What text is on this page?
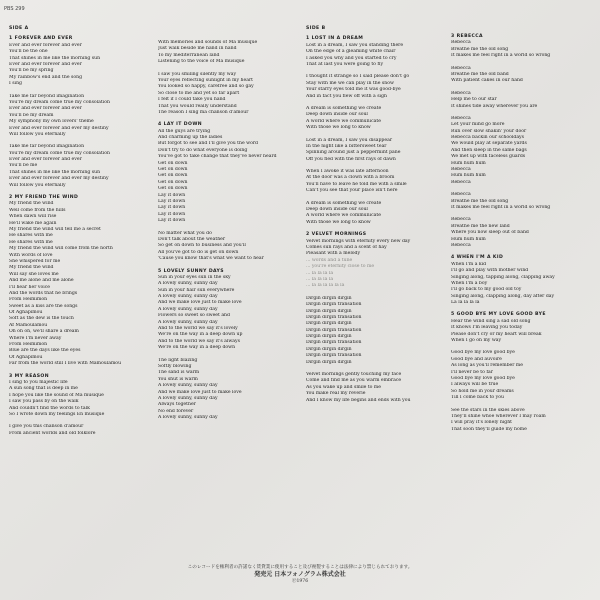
PBS 299
SIDE A
1 FOREVER AND EVER
Ever and ever forever and ever
You'll be the one
That shines in me like the morning sun
Ever and ever forever and ever
You'll be my spring
My rainbow's end and the song
I sing
Take me far beyond imagination
You're my dream come true my consolation
Ever and ever forever and ever
You'll be my dream
My symphony my own lovers' theme
Ever and ever forever and ever my destiny
Will follow you eternally
Take me far beyond imagination
You're my dream come true my consolation
Ever and ever forever and ever
You'll be me
That shines in me like the morning sun
Ever and ever forever and ever my destiny
Will follow you eternally
2 MY FRIEND THE WIND
My friend the wind
Well come from the hills
When dawn will rise
He'll wake me again
My friend the wind will tell me a secret
He shares with me
He shares with me
My friend the wind will come from the north
With words of love
She whispered for me
My friend the wind
Will say she loves me
And me alone and me alone
I'll hear her voice
And the words that he brings
From Heimimon
Sweet as a kiss are the songs
Of Aghapimou
Soft as the dew is the touch
Af Mamoulamou
Oh oh oh, we'll share a dream
Where I'm never away
From Heimimon
Blue are the days like the eyes
Of Aghapimou
Far from the world still I live with Mamoulamou
3 MY REASON
I sing to you majestic life
A sun song that is deep in me
I hope you like the sound of Ma musique
I saw you pass by on the walk
And couldn't find the words to talk
So I wrote down my feelings En musique
I give you this chanson d'amour
From ancient worlds and old folklore
With memories and sounds of Ma musique
Just walk beside me hand in hand
To my mediterranean land
Listening to the voice of Ma musique
I saw you smiling silently my way
Your eyes reflecting sunlight in my heart
You looked so happy, carefree and so gay
So close to me and yet so far apart
I felt if I could take you hand
That you would really understand
The reason I sing ma chanson d'amour
4 LAY IT DOWN
All the guys are trying
And charming up the ladies
But forgot to see and I'll give you the word
Don't try to do what everyone is doing
You've got to take change that they've never heard
Get on down
Get on down
Get on down
Get on down
Get on down
Lay it down
Lay it down
Lay it down
Lay it down
Lay it down
No matter what you do
Don't talk about the weather
So get on down to business and you'll
All you've got to do is get on down
'Cause you know that's what we want to hear
5 LOVELY SUNNY DAYS
Sun in your eyes sun in the sky
A lovely sunny, sunny day
Sun in your hair sun everywhere
A lovely sunny, sunny day
And we make love just to make love
A lovely sunny, sunny day
Flowers so sweet so sweet and
A lovely sunny, sunny day
And to the world we say it's lovely
We're on the way in a deep down up
And to the world we say it's always
We're on the way in a deep down
The light blazing
Softly blowing
The sand is warm
You shut is warm
A lovely sunny, sunny day
And we make love just to make love
A lovely sunny, sunny day
Always together
No end forever
A lovely sunny, sunny day
SIDE B
1 LOST IN A DREAM
Lost in a dream, I saw you standing there
On the edge of a gleaming white chair
I asked you why and you started to cry
That at last you were going to fly
I thought it strange so I said please don't go
Stay with me we can play in the snow
Your starry eyes told me it was good-bye
And in fact you flew off with a sigh
A dream is something we create
Deep down inside our soul
A world where we communicate
With those we long to know
Lost in a dream, I saw you disappear
In the night like a bittersweet tear
Spinning around just a peppermint pane
Off you fled with the first rays of dawn
When I awoke it was late afternoon
At the door was a clown with a broom
You'll have to leave he told me with a smile
Can't you see that your place isn't here
A dream is something we create
Deep down inside our soul
A world where we communicate
With those we long to know
2 VELVET MORNINGS
Velvet mornings with eternity every new day
Comes sun rays and a scent of hay
Pleasant with a melody
... words and a tune
... you're eternity close to me
... la la la la
... la la la la
... la la la la la la
Dirgin dirgin dirgin
Dirgin dirgin transation
Dirgin dirgin dirgin
Dirgin dirgin transation
Dirgin dirgin dirgin
Dirgin dirgin transation
Dirgin dirgin dirgin
Dirgin dirgin transation
Dirgin dirgin dirgin
Dirgin dirgin transation
Dirgin dirgin dirgin
Velvet mornings gently touching my face
Come and find me as you warm embrace
As you wake up and smile to me
You make real my reverie
And I know my life begins and ends with you
3 REBECCA
Rebecca
Breathe me the old song
It makes me feel right in a world so wrong
Rebecca
Breathe me the old band
With patient cakes in our hand
Rebecca
Help me to our star
It shines tide away wherever you are
Rebecca
Let your mind go more
Run over slow shakin' your door
Rebecca backin our schooldays
We would play at separate yards
And then sleep in the same bags
We met up with faceless guards
Hum hum hum
Rebecca
Hum hum hum
Rebecca
Rebecca
Breathe me the old song
It makes me feel right in a world so wrong
Rebecca
Breathe me the new land
Where you now sleep out of band
Hum hum hum
Rebecca
4 WHEN I'M A KID
When I'm a kid
I'll go and play with mother wind
Singing along, tapping along, clapping away
When I'm a boy
I'll go back to my good old toy
Singing along, clapping along, day after day
La la la la la
5 GOOD BYE MY LOVE GOOD BYE
Hear the wind sing a sad old song
It knows I'm leaving you today
Please don't cry or my heart will break
When I go on my way
Good bye my love good bye
Good bye and auvoire
As long as you'll remember me
I'll never be to far
Good bye my love good bye
I always will be true
So hold me in your dreams
Till I come back to you
See the stars in the skies above
They'll shine whoe wherever I may roam
I will pray it's lonely night
That soon they'll guide my home
このレコードを権利者の許諾なく賃貸業に使用すること及び複製することは法律により禁じられております。
発売元 日本フォノグラム株式会社
Ⓟ1976
